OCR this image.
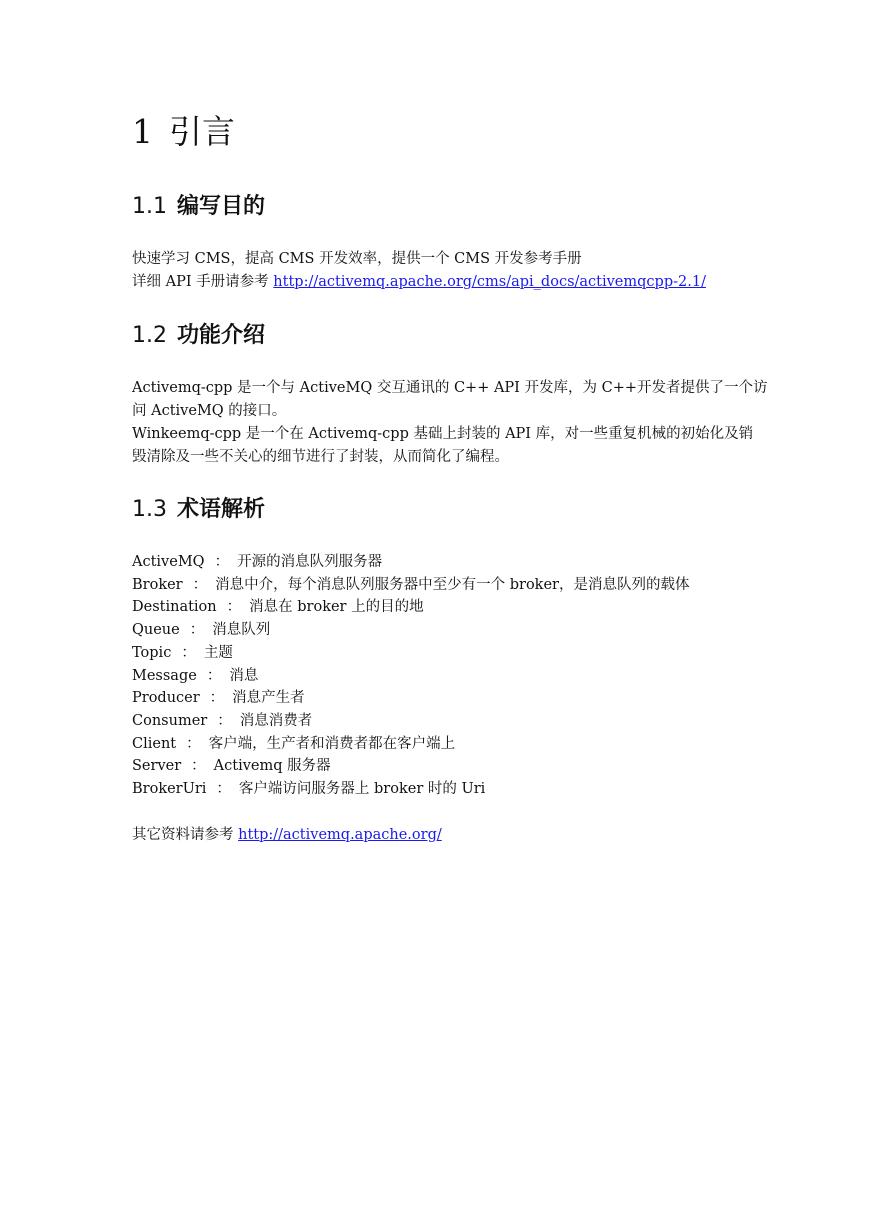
1 引言
1.1 编写目的
快速学习 CMS，提高 CMS 开发效率，提供一个 CMS 开发参考手册
详细 API 手册请参考 http://activemq.apache.org/cms/api_docs/activemqcpp-2.1/
1.2 功能介绍
Activemq-cpp 是一个与 ActiveMQ 交互通讯的 C++ API 开发库，为 C++开发者提供了一个访
问 ActiveMQ 的接口。
Winkeemq-cpp 是一个在 Activemq-cpp 基础上封装的 API 库，对一些重复机械的初始化及销
毁清除及一些不关心的细节进行了封装，从而简化了编程。
1.3 术语解析
ActiveMQ ： 开源的消息队列服务器
Broker ： 消息中介，每个消息队列服务器中至少有一个 broker，是消息队列的载体
Destination ： 消息在 broker 上的目的地
Queue ： 消息队列
Topic ： 主题
Message ： 消息
Producer ： 消息产生者
Consumer ： 消息消费者
Client ： 客户端，生产者和消费者都在客户端上
Server ： Activemq 服务器
BrokerUri ： 客户端访问服务器上 broker 时的 Uri
其它资料请参考 http://activemq.apache.org/
